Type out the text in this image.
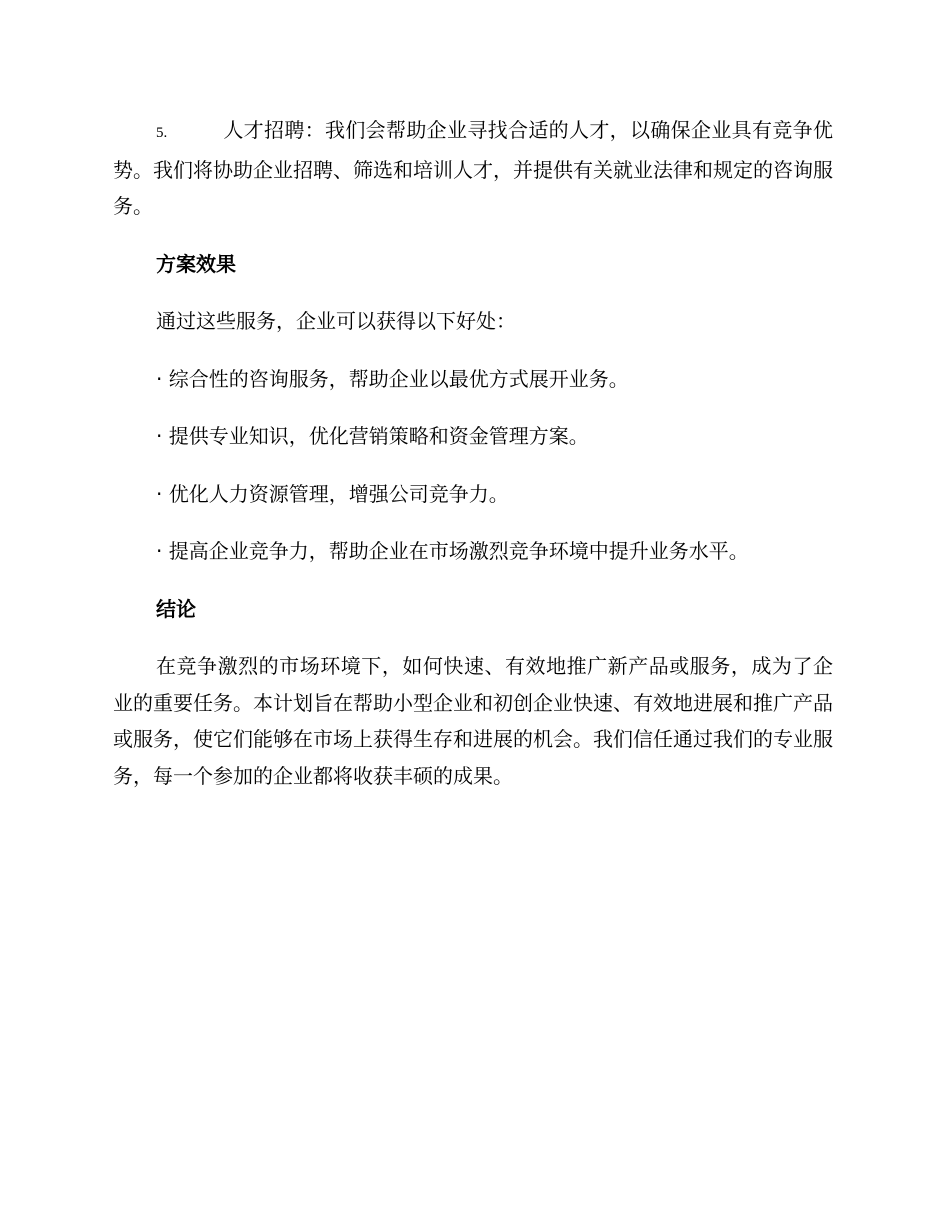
5.	人才招聘：我们会帮助企业寻找合适的人才，以确保企业具有竞争优势。我们将协助企业招聘、筛选和培训人才，并提供有关就业法律和规定的咨询服务。

方案效果

通过这些服务，企业可以获得以下好处：

· 综合性的咨询服务，帮助企业以最优方式展开业务。
· 提供专业知识，优化营销策略和资金管理方案。
· 优化人力资源管理，增强公司竞争力。
· 提高企业竞争力，帮助企业在市场激烈竞争环境中提升业务水平。
结论

在竞争激烈的市场环境下，如何快速、有效地推广新产品或服务，成为了企业的重要任务。本计划旨在帮助小型企业和初创企业快速、有效地进展和推广产品或服务，使它们能够在市场上获得生存和进展的机会。我们信任通过我们的专业服务，每一个参加的企业都将收获丰硕的成果。
